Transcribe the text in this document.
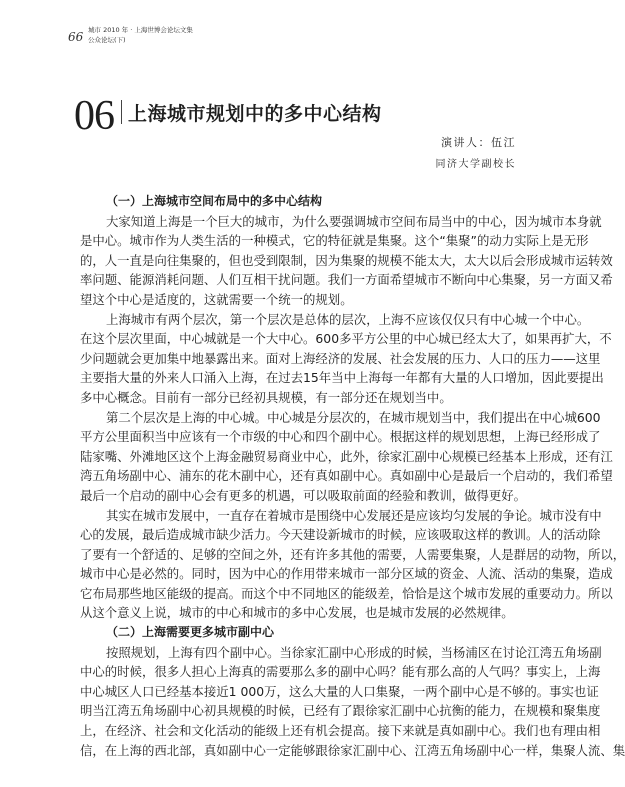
66 城市 2010 年 · 上海世博会论坛文集
公众论坛(下)
06 上海城市规划中的多中心结构
演讲人：伍江
同济大学副校长
（一）上海城市空间布局中的多中心结构
大家知道上海是一个巨大的城市，为什么要强调城市空间布局当中的中心，因为城市本身就
是中心。城市作为人类生活的一种模式，它的特征就是集聚。这个“集聚”的动力实际上是无形
的，人一直是向往集聚的，但也受到限制，因为集聚的规模不能太大，太大以后会形成城市运转效
率问题、能源消耗问题、人们互相干扰问题。我们一方面希望城市不断向中心集聚，另一方面又希
望这个中心是适度的，这就需要一个统一的规划。
上海城市有两个层次，第一个层次是总体的层次，上海不应该仅仅只有中心城一个中心。
在这个层次里面，中心城就是一个大中心。600多平方公里的中心城已经太大了，如果再扩大，不
少问题就会更加集中地暴露出来。面对上海经济的发展、社会发展的压力、人口的压力——这里
主要指大量的外来人口涌入上海，在过去15年当中上海每一年都有大量的人口增加，因此要提出
多中心概念。目前有一部分已经初具规模，有一部分还在规划当中。
第二个层次是上海的中心城。中心城是分层次的，在城市规划当中，我们提出在中心城600
平方公里面积当中应该有一个市级的中心和四个副中心。根据这样的规划思想，上海已经形成了
陆家嘴、外滩地区这个上海金融贸易商业中心，此外，徐家汇副中心规模已经基本上形成，还有江
湾五角场副中心、浦东的花木副中心，还有真如副中心。真如副中心是最后一个启动的，我们希望
最后一个启动的副中心会有更多的机遇，可以吸取前面的经验和教训，做得更好。
其实在城市发展中，一直存在着城市是围绕中心发展还是应该均匀发展的争论。城市没有中
心的发展，最后造成城市缺少活力。今天建设新城市的时候，应该吸取这样的教训。人的活动除
了要有一个舒适的、足够的空间之外，还有许多其他的需要，人需要集聚，人是群居的动物，所以，
城市中心是必然的。同时，因为中心的作用带来城市一部分区域的资金、人流、活动的集聚，造成
它布局那些地区能级的提高。而这个中不同地区的能级差，恰恰是这个城市发展的重要动力。所以
从这个意义上说，城市的中心和城市的多中心发展，也是城市发展的必然规律。
（二）上海需要更多城市副中心
按照规划，上海有四个副中心。当徐家汇副中心形成的时候，当杨浦区在讨论江湾五角场副
中心的时候，很多人担心上海真的需要那么多的副中心吗？能有那么高的人气吗？事实上，上海
中心城区人口已经基本接近1 000万，这么大量的人口集聚，一两个副中心是不够的。事实也证
明当江湾五角场副中心初具规模的时候，已经有了跟徐家汇副中心抗衡的能力，在规模和聚集度
上，在经济、社会和文化活动的能级上还有机会提高。接下来就是真如副中心。我们也有理由相
信，在上海的西北部，真如副中心一定能够跟徐家汇副中心、江湾五角场副中心一样，集聚人流、集
